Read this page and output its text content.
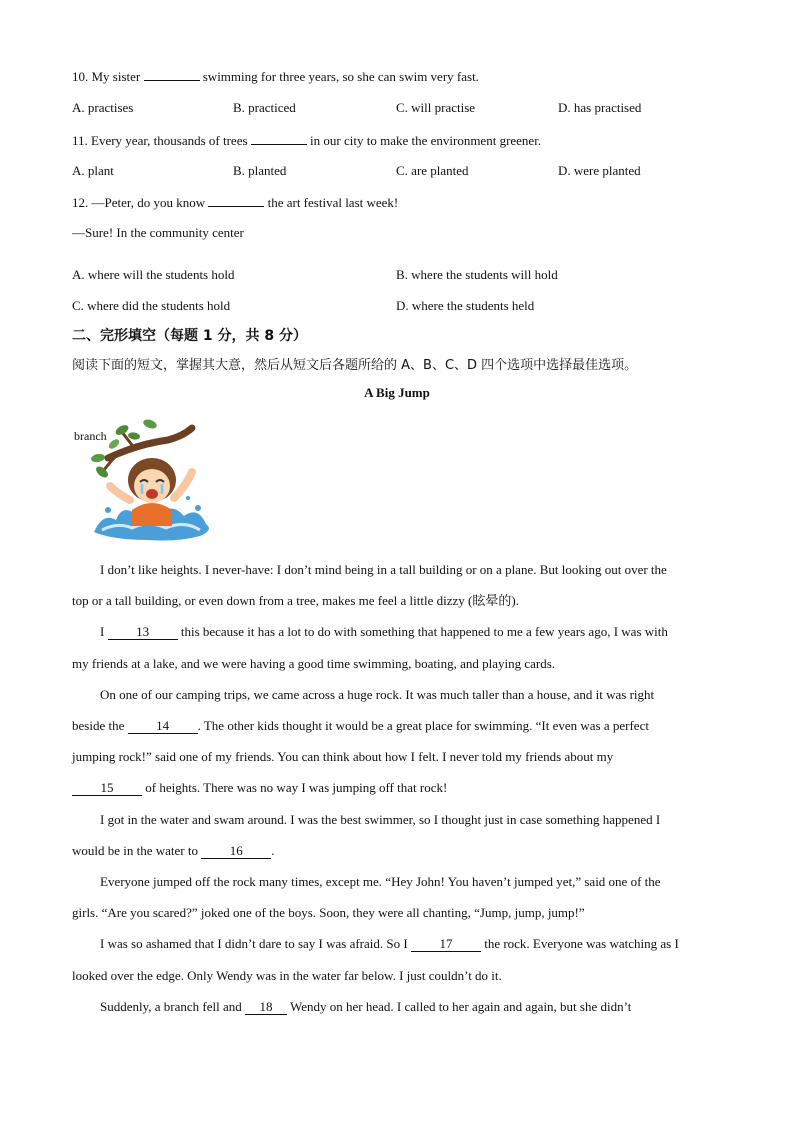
10. My sister	swimming for three years, so she can swim very fast.
A. practises	B. practiced	C. will practise	D. has practised
11. Every year, thousands of trees	in our city to make the environment greener.
A. plant	B. planted	C. are planted	D. were planted
12. —Peter, do you know	the art festival last week!
—Sure! In the community center
A. where will the students hold	B. where the students will hold
C. where did the students hold	D. where the students held
二、完形填空（每题 1 分，共 8 分）
阅读下面的短文，掌握其大意，然后从短文后各题所给的 A、B、C、D 四个选项中选择最佳选项。
A Big Jump
branch
I don’t like heights. I never-have: I don’t mind being in a tall building or on a plane. But looking out over the
top or a tall building, or even down from a tree, makes me feel a little dizzy (眩晕的).
I 13 this because it has a lot to do with something that happened to me a few years ago, I was with
my friends at a lake, and we were having a good time swimming, boating, and playing cards.
On one of our camping trips, we came across a huge rock. It was much taller than a house, and it was right
beside the 14 . The other kids thought it would be a great place for swimming. “It even was a perfect
jumping rock!” said one of my friends. You can think about how I felt. I never told my friends about my
15 of heights. There was no way I was jumping off that rock!
I got in the water and swam around. I was the best swimmer, so I thought just in case something happened I
would be in the water to 16 .
Everyone jumped off the rock many times, except me. “Hey John! You haven’t jumped yet,” said one of the
girls. “Are you scared?” joked one of the boys. Soon, they were all chanting, “Jump, jump, jump!”
I was so ashamed that I didn’t dare to say I was afraid. So I 17 the rock. Everyone was watching as I
looked over the edge. Only Wendy was in the water far below. I just couldn’t do it.
Suddenly, a branch fell and 18 Wendy on her head. I called to her again and again, but she didn’t
